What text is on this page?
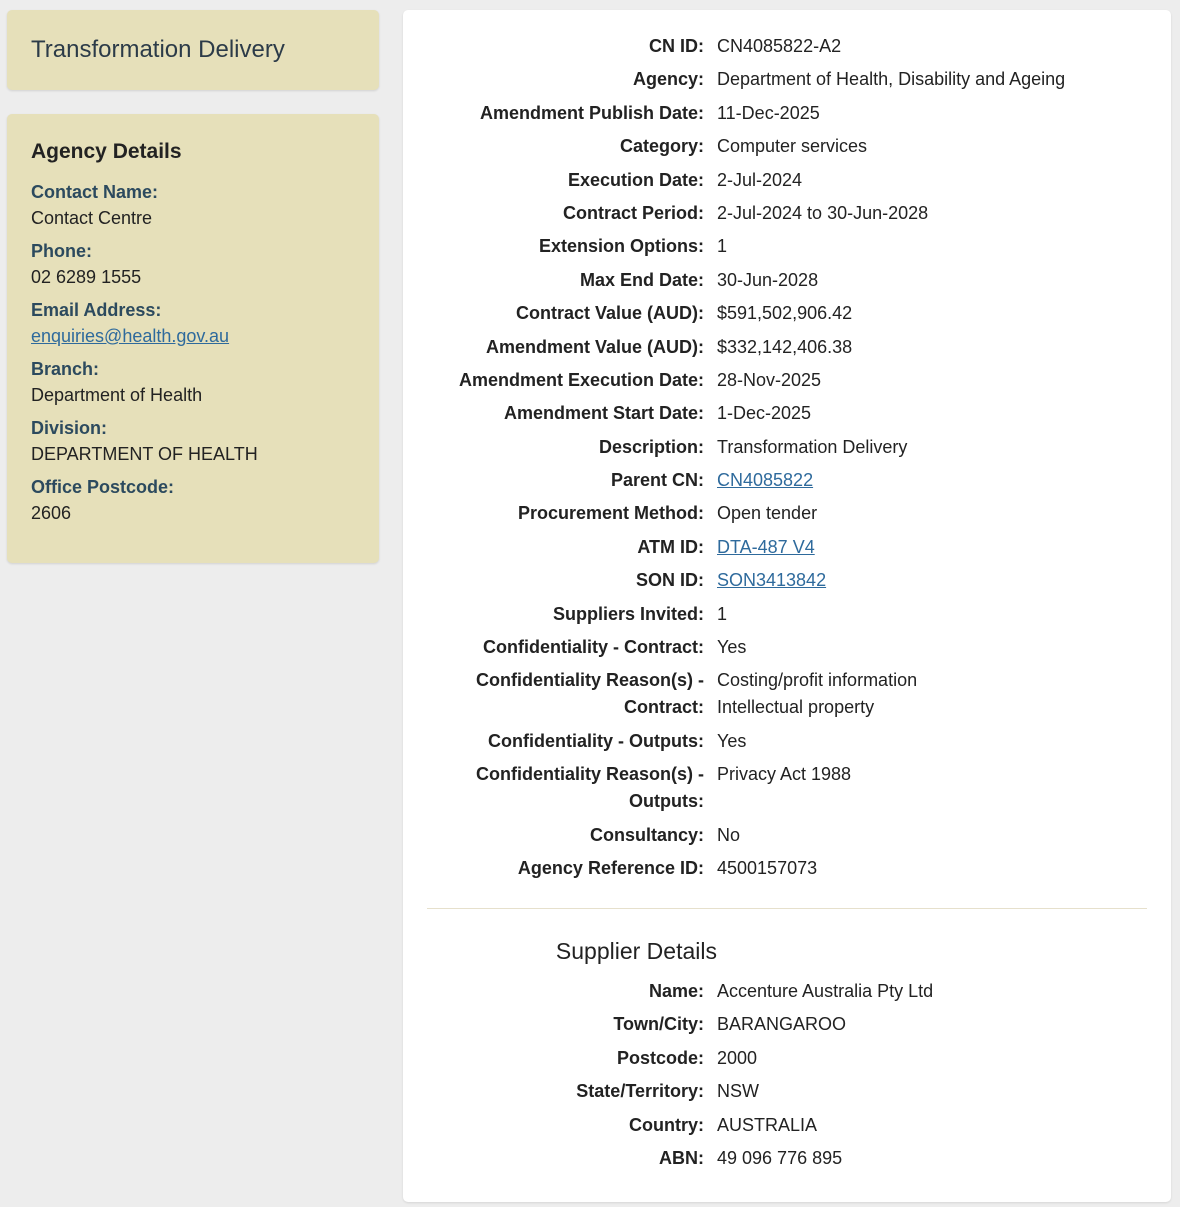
Transformation Delivery
Agency Details
Contact Name:
Contact Centre
Phone:
02 6289 1555
Email Address:
enquiries@health.gov.au
Branch:
Department of Health
Division:
DEPARTMENT OF HEALTH
Office Postcode:
2606
CN ID: CN4085822-A2
Agency: Department of Health, Disability and Ageing
Amendment Publish Date: 11-Dec-2025
Category: Computer services
Execution Date: 2-Jul-2024
Contract Period: 2-Jul-2024 to 30-Jun-2028
Extension Options: 1
Max End Date: 30-Jun-2028
Contract Value (AUD): $591,502,906.42
Amendment Value (AUD): $332,142,406.38
Amendment Execution Date: 28-Nov-2025
Amendment Start Date: 1-Dec-2025
Description: Transformation Delivery
Parent CN: CN4085822
Procurement Method: Open tender
ATM ID: DTA-487 V4
SON ID: SON3413842
Suppliers Invited: 1
Confidentiality - Contract: Yes
Confidentiality Reason(s) -
Contract:
Costing/profit information
Intellectual property
Confidentiality - Outputs: Yes
Confidentiality Reason(s) -
Outputs:
Privacy Act 1988
Consultancy: No
Agency Reference ID: 4500157073
Supplier Details
Name: Accenture Australia Pty Ltd
Town/City: BARANGAROO
Postcode: 2000
State/Territory: NSW
Country: AUSTRALIA
ABN: 49 096 776 895
